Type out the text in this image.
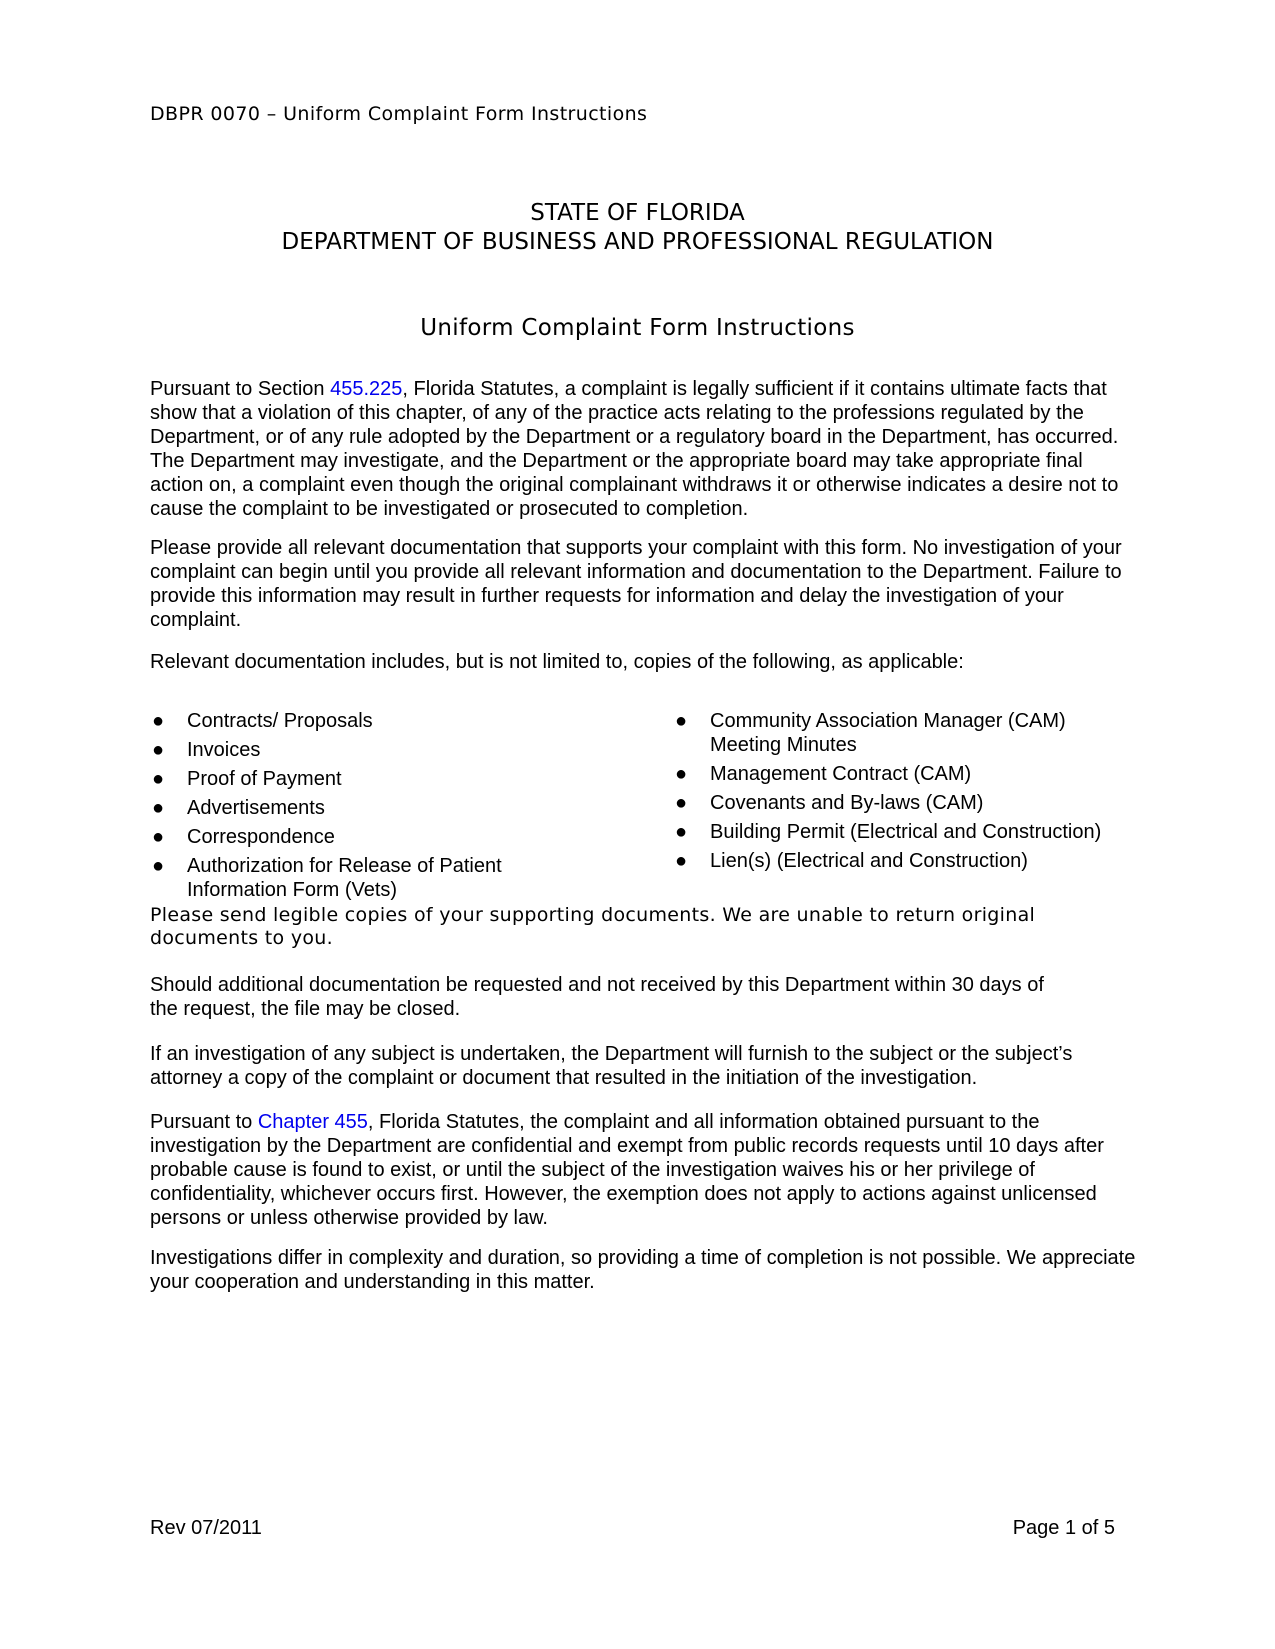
DBPR 0070 – Uniform Complaint Form Instructions
STATE OF FLORIDA
DEPARTMENT OF BUSINESS AND PROFESSIONAL REGULATION
Uniform Complaint Form Instructions

Pursuant to Section 455.225, Florida Statutes, a complaint is legally sufficient if it contains ultimate facts that show that a violation of this chapter, of any of the practice acts relating to the professions regulated by the Department, or of any rule adopted by the Department or a regulatory board in the Department, has occurred. The Department may investigate, and the Department or the appropriate board may take appropriate final action on, a complaint even though the original complainant withdraws it or otherwise indicates a desire not to cause the complaint to be investigated or prosecuted to completion.

Please provide all relevant documentation that supports your complaint with this form. No investigation of your complaint can begin until you provide all relevant information and documentation to the Department. Failure to provide this information may result in further requests for information and delay the investigation of your complaint.

Relevant documentation includes, but is not limited to, copies of the following, as applicable:

● Contracts/ Proposals
● Invoices
● Proof of Payment
● Advertisements
● Correspondence
● Authorization for Release of Patient Information Form (Vets)
● Community Association Manager (CAM) Meeting Minutes
● Management Contract (CAM)
● Covenants and By-laws (CAM)
● Building Permit (Electrical and Construction)
● Lien(s) (Electrical and Construction)

Please send legible copies of your supporting documents. We are unable to return original documents to you.

Should additional documentation be requested and not received by this Department within 30 days of the request, the file may be closed.

If an investigation of any subject is undertaken, the Department will furnish to the subject or the subject’s attorney a copy of the complaint or document that resulted in the initiation of the investigation.

Pursuant to Chapter 455, Florida Statutes, the complaint and all information obtained pursuant to the investigation by the Department are confidential and exempt from public records requests until 10 days after probable cause is found to exist, or until the subject of the investigation waives his or her privilege of confidentiality, whichever occurs first. However, the exemption does not apply to actions against unlicensed persons or unless otherwise provided by law.

Investigations differ in complexity and duration, so providing a time of completion is not possible. We appreciate your cooperation and understanding in this matter.

Rev 07/2011	Page 1 of 5
